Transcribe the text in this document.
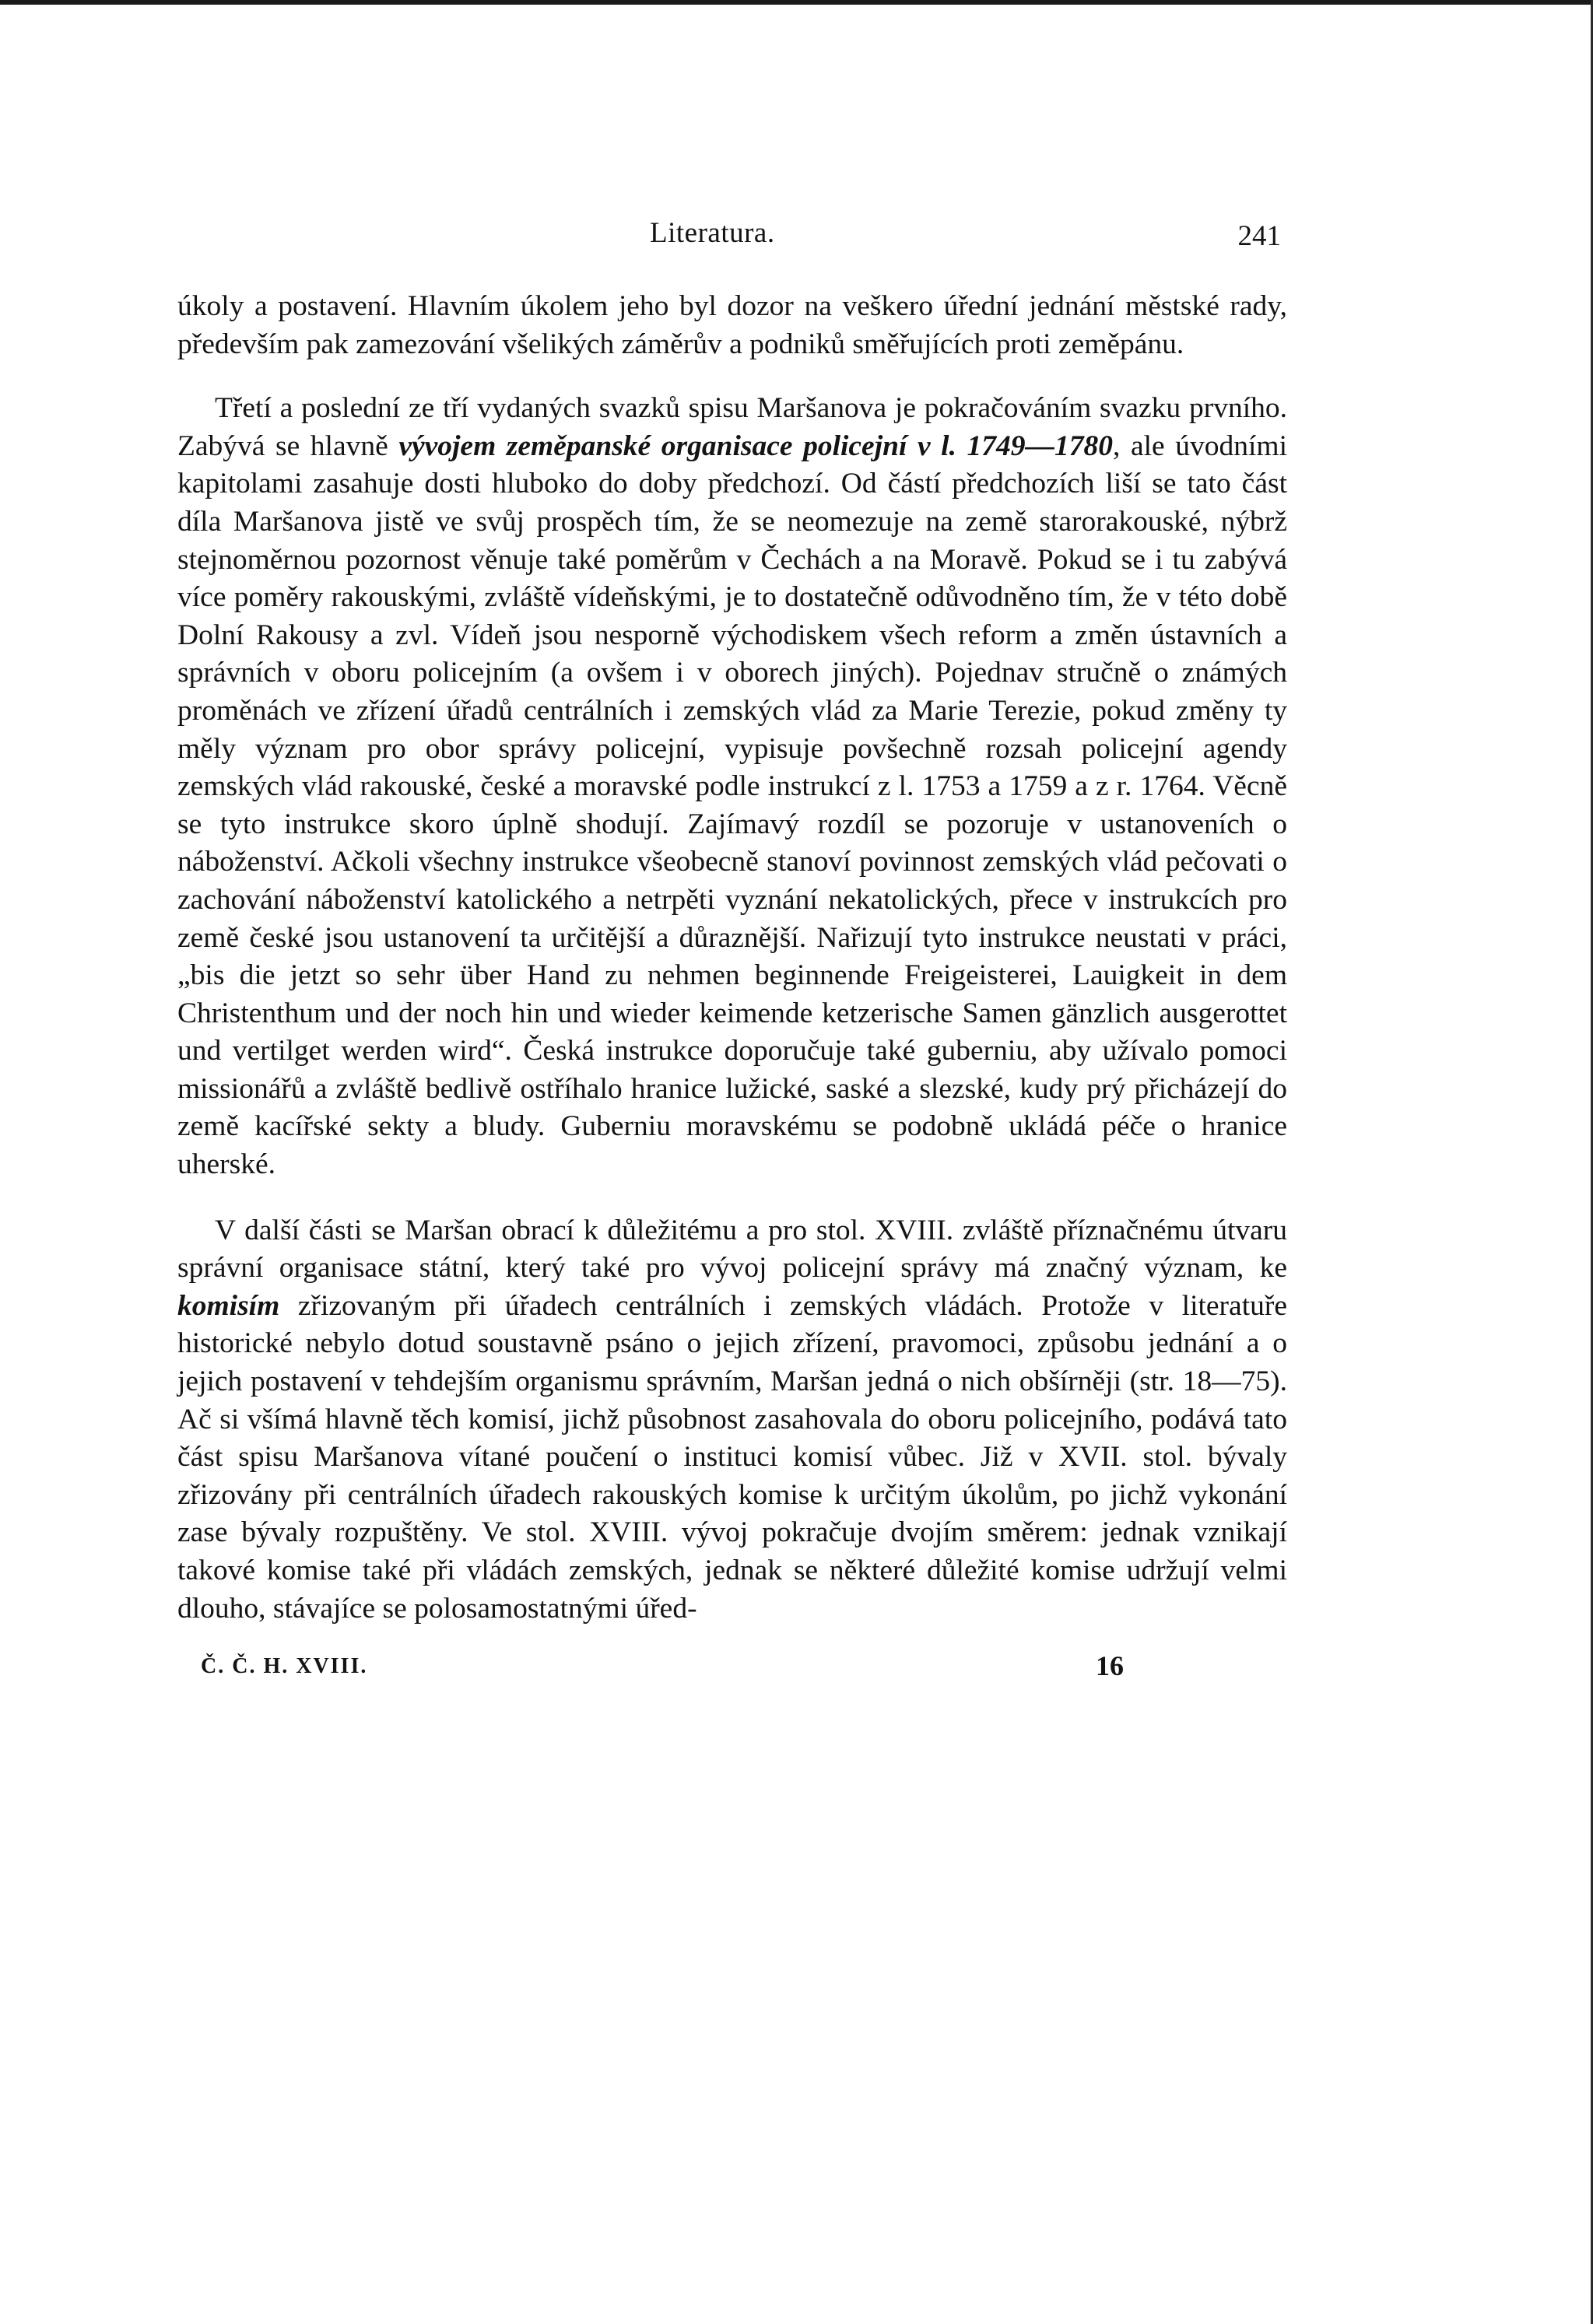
Literatura.	241

úkoly a postavení. Hlavním úkolem jeho byl dozor na veškero úřední jednání městské rady, především pak zamezování všelikých záměrův a podniků směřujících proti zeměpánu.

Třetí a poslední ze tří vydaných svazků spisu Maršanova je pokračováním svazku prvního. Zabývá se hlavně vývojem zeměpanské organisace policejní v l. 1749—1780, ale úvodními kapitolami zasahuje dosti hluboko do doby předchozí. Od částí předchozích liší se tato část díla Maršanova jistě ve svůj prospěch tím, že se neomezuje na země starorakouské, nýbrž stejnoměrnou pozornost věnuje také poměrům v Čechách a na Moravě. Pokud se i tu zabývá více poměry rakouskými, zvláště vídeňskými, je to dostatečně odůvodněno tím, že v této době Dolní Rakousy a zvl. Vídeň jsou nesporně východiskem všech reform a změn ústavních a správních v oboru policejním (a ovšem i v oborech jiných). Pojednav stručně o známých proměnách ve zřízení úřadů centrálních i zemských vlád za Marie Terezie, pokud změny ty měly význam pro obor správy policejní, vypisuje povšechně rozsah policejní agendy zemských vlád rakouské, české a moravské podle instrukcí z l. 1753 a 1759 a z r. 1764. Věcně se tyto instrukce skoro úplně shodují. Zajímavý rozdíl se pozoruje v ustanoveních o náboženství. Ačkoli všechny instrukce všeobecně stanoví povinnost zemských vlád pečovati o zachování náboženství katolického a netrpěti vyznání nekatolických, přece v instrukcích pro země české jsou ustanovení ta určitější a důraznější. Nařizují tyto instrukce neustati v práci, „bis die jetzt so sehr über Hand zu nehmen beginnende Freigeisterei, Lauigkeit in dem Christenthum und der noch hin und wieder keimende ketzerische Samen gänzlich ausgerottet und vertilget werden wird“. Česká instrukce doporučuje také guberniu, aby užívalo pomoci missionářů a zvláště bedlivě ostříhalo hranice lužické, saské a slezské, kudy prý přicházejí do země kacířské sekty a bludy. Guberniu moravskému se podobně ukládá péče o hranice uherské.

V další části se Maršan obrací k důležitému a pro stol. XVIII. zvláště příznačnému útvaru správní organisace státní, který také pro vývoj policejní správy má značný význam, ke komisím zřizovaným při úřadech centrálních i zemských vládách. Protože v literatuře historické nebylo dotud soustavně psáno o jejich zřízení, pravomoci, způsobu jednání a o jejich postavení v tehdejším organismu správním, Maršan jedná o nich obšírněji (str. 18—75). Ač si všímá hlavně těch komisí, jichž působnost zasahovala do oboru policejního, podává tato část spisu Maršanova vítané poučení o instituci komisí vůbec. Již v XVII. stol. bývaly zřizovány při centrálních úřadech rakouských komise k určitým úkolům, po jichž vykonání zase bývaly rozpuštěny. Ve stol. XVIII. vývoj pokračuje dvojím směrem: jednak vznikají takové komise také při vládách zemských, jednak se některé důležité komise udržují velmi dlouho, stávajíce se polosamostatnými úřed-

Č. Č. H. XVIII.	16
